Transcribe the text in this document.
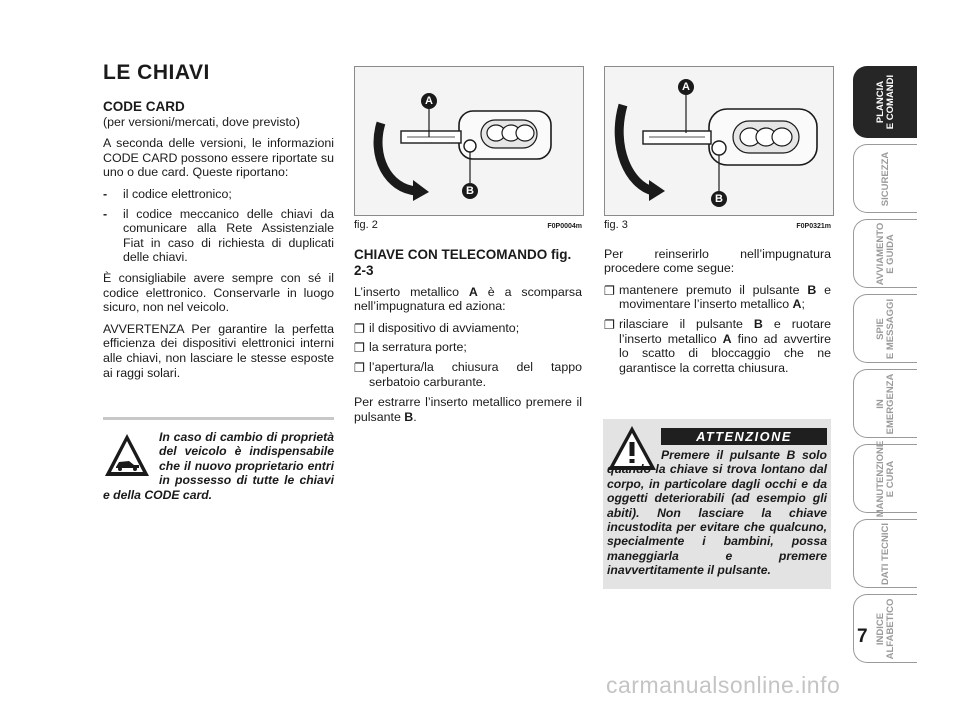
LE CHIAVI
CODE CARD

(per versioni/mercati, dove previsto)

A seconda delle versioni, le informazioni CODE CARD possono essere riportate su uno o due card. Queste riportano:

- il codice elettronico;
- il codice meccanico delle chiavi da comunicare alla Rete Assistenziale Fiat in caso di richiesta di duplicati delle chiavi.

È consigliabile avere sempre con sé il codice elettronico. Conservarle in luogo sicuro, non nel veicolo.

AVVERTENZA Per garantire la perfetta efficienza dei dispositivi elettronici interni alle chiavi, non lasciare le stesse esposte ai raggi solari.

In caso di cambio di proprietà del veicolo è indispensabile che il nuovo proprietario entri in possesso di tutte le chiavi e della CODE card.
A
B
fig. 2	F0P0004m
CHIAVE CON TELECOMANDO fig. 2-3

L’inserto metallico A è a scomparsa nell’impugnatura ed aziona:

❐ il dispositivo di avviamento;
❐ la serratura porte;
❐ l’apertura/la chiusura del tappo serbatoio carburante.

Per estrarre l’inserto metallico premere il pulsante B.

A
B
fig. 3	F0P0321m

Per reinserirlo nell’impugnatura procedere come segue:

❐ mantenere premuto il pulsante B e movimentare l’inserto metallico A;
❐ rilasciare il pulsante B e ruotare l’inserto metallico A fino ad avvertire lo scatto di bloccaggio che ne garantisce la corretta chiusura.
ATTENZIONE
Premere il pulsante B solo quando la chiave si trova lontano dal corpo, in particolare dagli occhi e da oggetti deteriorabili (ad esempio gli abiti). Non lasciare la chiave incustodita per evitare che qualcuno, specialmente i bambini, possa maneggiarla e premere inavvertitamente il pulsante.
PLANCIA
E COMANDI
SICUREZZA
AVVIAMENTO
E GUIDA
SPIE
E MESSAGGI
IN
EMERGENZA
MANUTENZIONE
E CURA
DATI TECNICI
INDICE
ALFABETICO
7
carmanualsonline.info
